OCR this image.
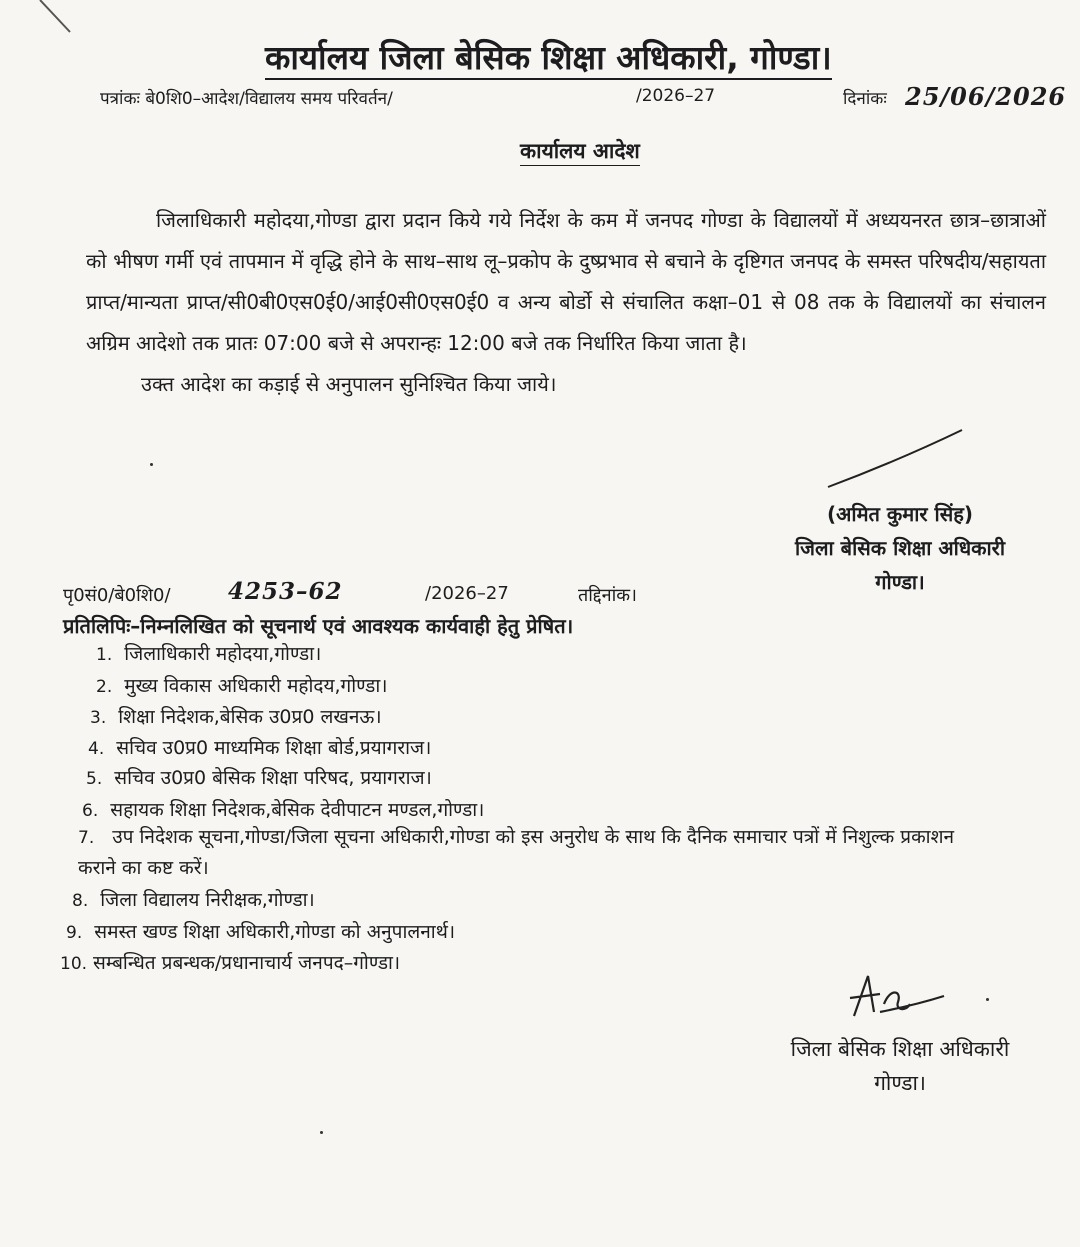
कार्यालय जिला बेसिक शिक्षा अधिकारी, गोण्डा।
पत्रांकः बे0शि0–आदेश/विद्यालय समय परिवर्तन/	/2026–27	दिनांकः 25/06/2026
कार्यालय आदेश

जिलाधिकारी महोदया,गोण्डा द्वारा प्रदान किये गये निर्देश के कम में जनपद गोण्डा के विद्यालयों में अध्ययनरत छात्र–छात्राओं को भीषण गर्मी एवं तापमान में वृद्धि होने के साथ–साथ लू–प्रकोप के दुष्प्रभाव से बचाने के दृष्टिगत जनपद के समस्त परिषदीय/सहायता प्राप्त/मान्यता प्राप्त/सी0बी0एस0ई0/आई0सी0एस0ई0 व अन्य बोर्डो से संचालित कक्षा–01 से 08 तक के विद्यालयों का संचालन अग्रिम आदेशो तक प्रातः 07:00 बजे से अपरान्हः 12:00 बजे तक निर्धारित किया जाता है।

उक्त आदेश का कड़ाई से अनुपालन सुनिश्चित किया जाये।

(अमित कुमार सिंह)
जिला बेसिक शिक्षा अधिकारी
गोण्डा।
पृ0सं0/बे0शि0/ 4253–62	/2026–27	तद्दिनांक।
प्रतिलिपिः–निम्नलिखित को सूचनार्थ एवं आवश्यक कार्यवाही हेतु प्रेषित।
1. जिलाधिकारी महोदया,गोण्डा।
2. मुख्य विकास अधिकारी महोदय,गोण्डा।
3. शिक्षा निदेशक,बेसिक उ0प्र0 लखनऊ।
4. सचिव उ0प्र0 माध्यमिक शिक्षा बोर्ड,प्रयागराज।
5. सचिव उ0प्र0 बेसिक शिक्षा परिषद, प्रयागराज।
6. सहायक शिक्षा निदेशक,बेसिक देवीपाटन मण्डल,गोण्डा।
7. उप निदेशक सूचना,गोण्डा/जिला सूचना अधिकारी,गोण्डा को इस अनुरोध के साथ कि दैनिक समाचार पत्रों में निशुल्क प्रकाशन कराने का कष्ट करें।
8. जिला विद्यालय निरीक्षक,गोण्डा।
9. समस्त खण्ड शिक्षा अधिकारी,गोण्डा को अनुपालनार्थ।
10. सम्बन्धित प्रबन्धक/प्रधानाचार्य जनपद–गोण्डा।
जिला बेसिक शिक्षा अधिकारी
गोण्डा।
